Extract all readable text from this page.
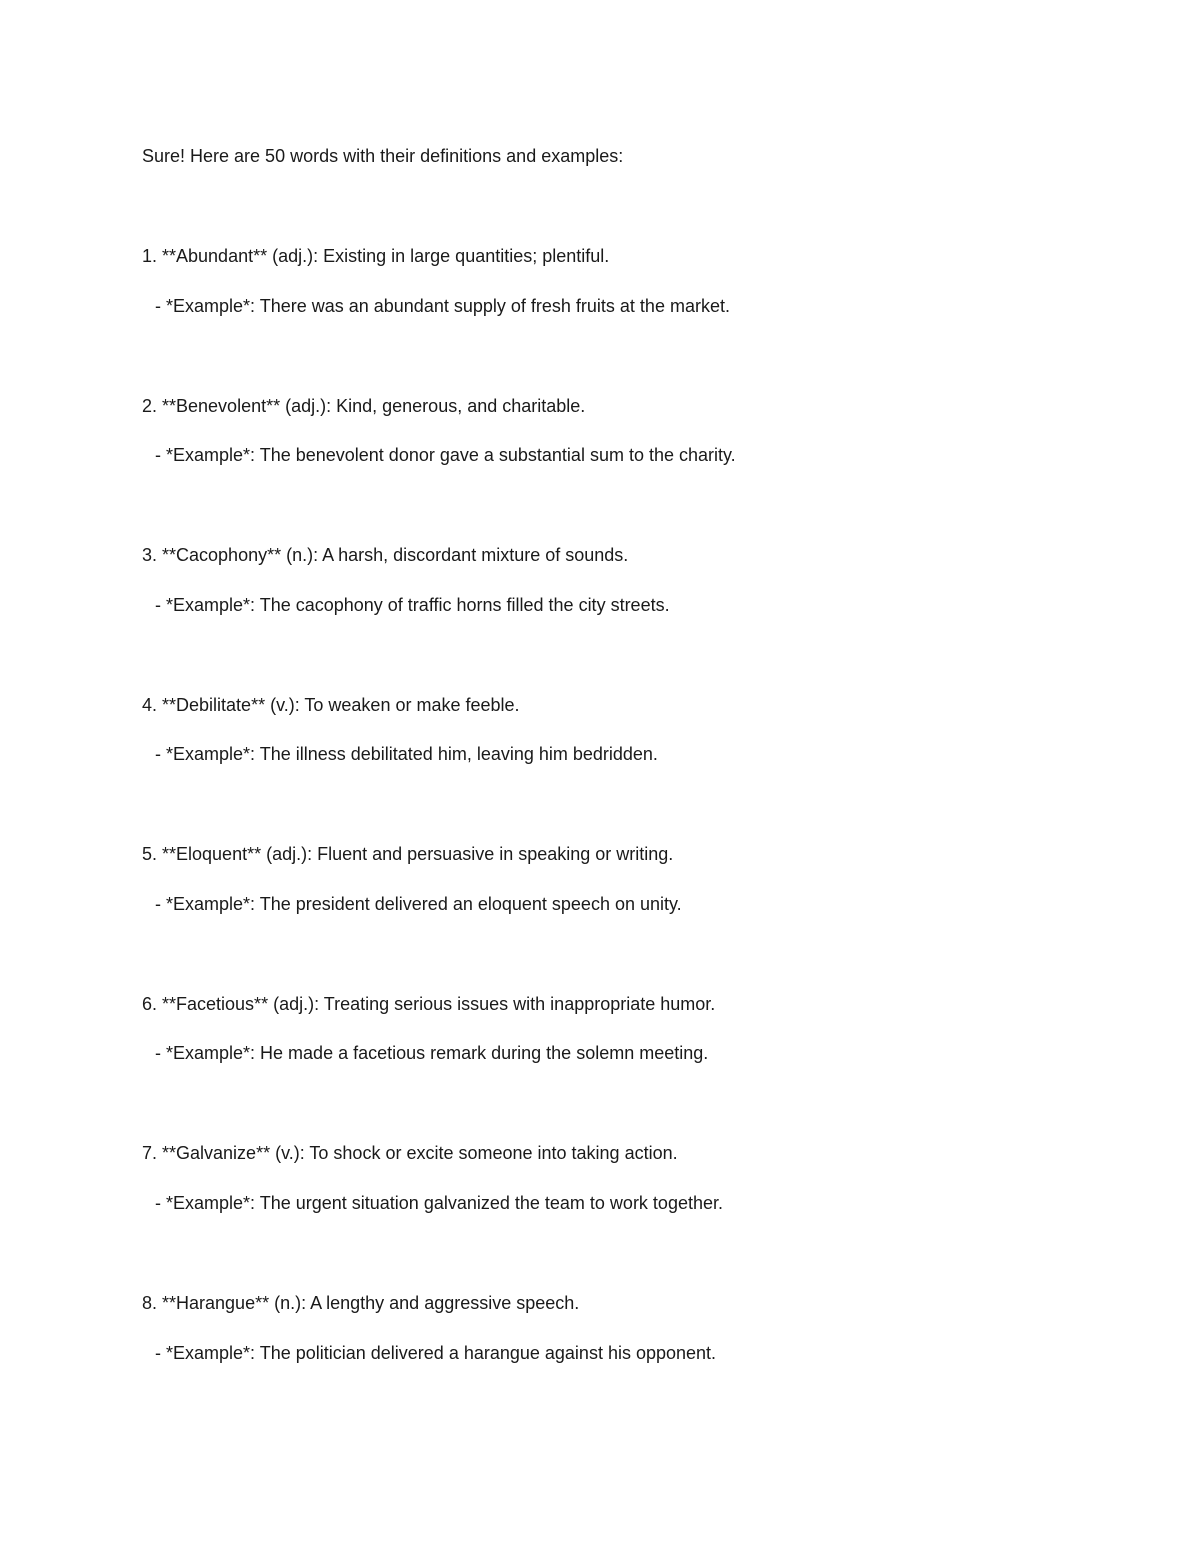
Sure! Here are 50 words with their definitions and examples:
1. **Abundant** (adj.): Existing in large quantities; plentiful.
- *Example*: There was an abundant supply of fresh fruits at the market.
2. **Benevolent** (adj.): Kind, generous, and charitable.
- *Example*: The benevolent donor gave a substantial sum to the charity.
3. **Cacophony** (n.): A harsh, discordant mixture of sounds.
- *Example*: The cacophony of traffic horns filled the city streets.
4. **Debilitate** (v.): To weaken or make feeble.
- *Example*: The illness debilitated him, leaving him bedridden.
5. **Eloquent** (adj.): Fluent and persuasive in speaking or writing.
- *Example*: The president delivered an eloquent speech on unity.
6. **Facetious** (adj.): Treating serious issues with inappropriate humor.
- *Example*: He made a facetious remark during the solemn meeting.
7. **Galvanize** (v.): To shock or excite someone into taking action.
- *Example*: The urgent situation galvanized the team to work together.
8. **Harangue** (n.): A lengthy and aggressive speech.
- *Example*: The politician delivered a harangue against his opponent.
